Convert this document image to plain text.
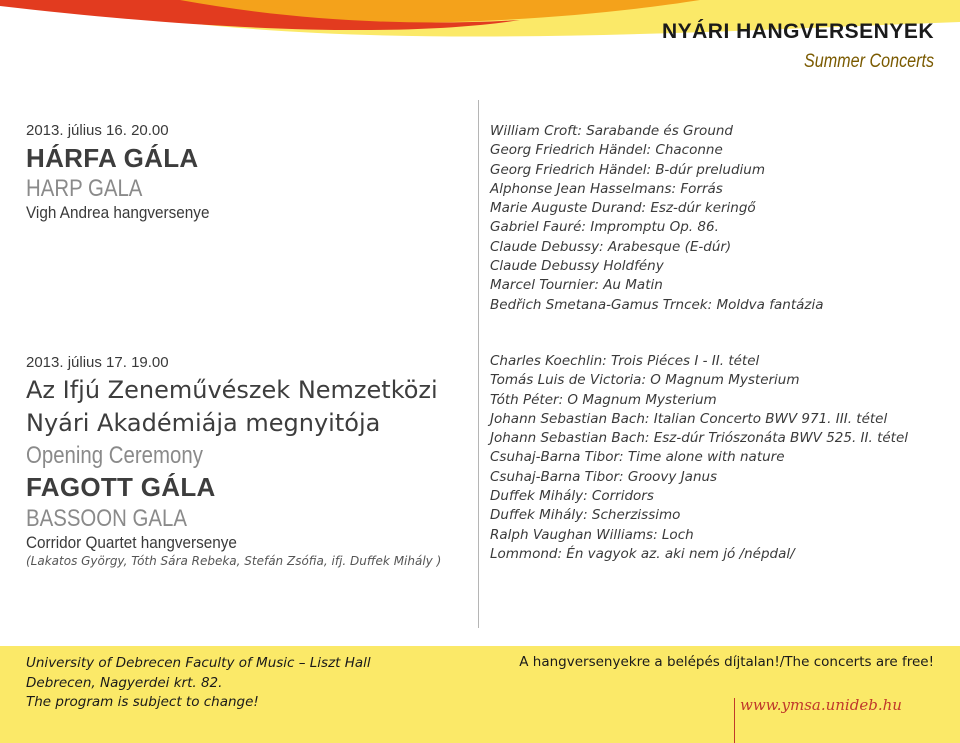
NYÁRI HANGVERSENYEK
Summer Concerts
2013. július 16. 20.00
HÁRFA GÁLA
HARP GALA
Vigh Andrea hangversenye
William Croft: Sarabande és Ground
Georg Friedrich Händel: Chaconne
Georg Friedrich Händel: B-dúr preludium
Alphonse Jean Hasselmans: Forrás
Marie Auguste Durand: Esz-dúr keringő
Gabriel Fauré: Impromptu Op. 86.
Claude Debussy: Arabesque (E-dúr)
Claude Debussy Holdfény
Marcel Tournier: Au Matin
Bedřich Smetana-Gamus Trncek: Moldva fantázia
2013. július 17. 19.00
Az Ifjú Zeneművészek Nemzetközi
Nyári Akadémiája megnyitója
Opening Ceremony
FAGOTT GÁLA
BASSOON GALA
Corridor Quartet hangversenye
(Lakatos György, Tóth Sára Rebeka, Stefán Zsófia, ifj. Duffek Mihály )
Charles Koechlin: Trois Piéces I - II. tétel
Tomás Luis de Victoria: O Magnum Mysterium
Tóth Péter: O Magnum Mysterium
Johann Sebastian Bach: Italian Concerto BWV 971. III. tétel
Johann Sebastian Bach: Esz-dúr Triószonáta BWV 525. II. tétel
Csuhaj-Barna Tibor: Time alone with nature
Csuhaj-Barna Tibor: Groovy Janus
Duffek Mihály: Corridors
Duffek Mihály: Scherzissimo
Ralph Vaughan Williams: Loch
Lommond: Én vagyok az. aki nem jó /népdal/
University of Debrecen Faculty of Music – Liszt Hall
Debrecen, Nagyerdei krt. 82.
The program is subject to change!
A hangversenyekre a belépés díjtalan!/The concerts are free!
www.ymsa.unideb.hu
